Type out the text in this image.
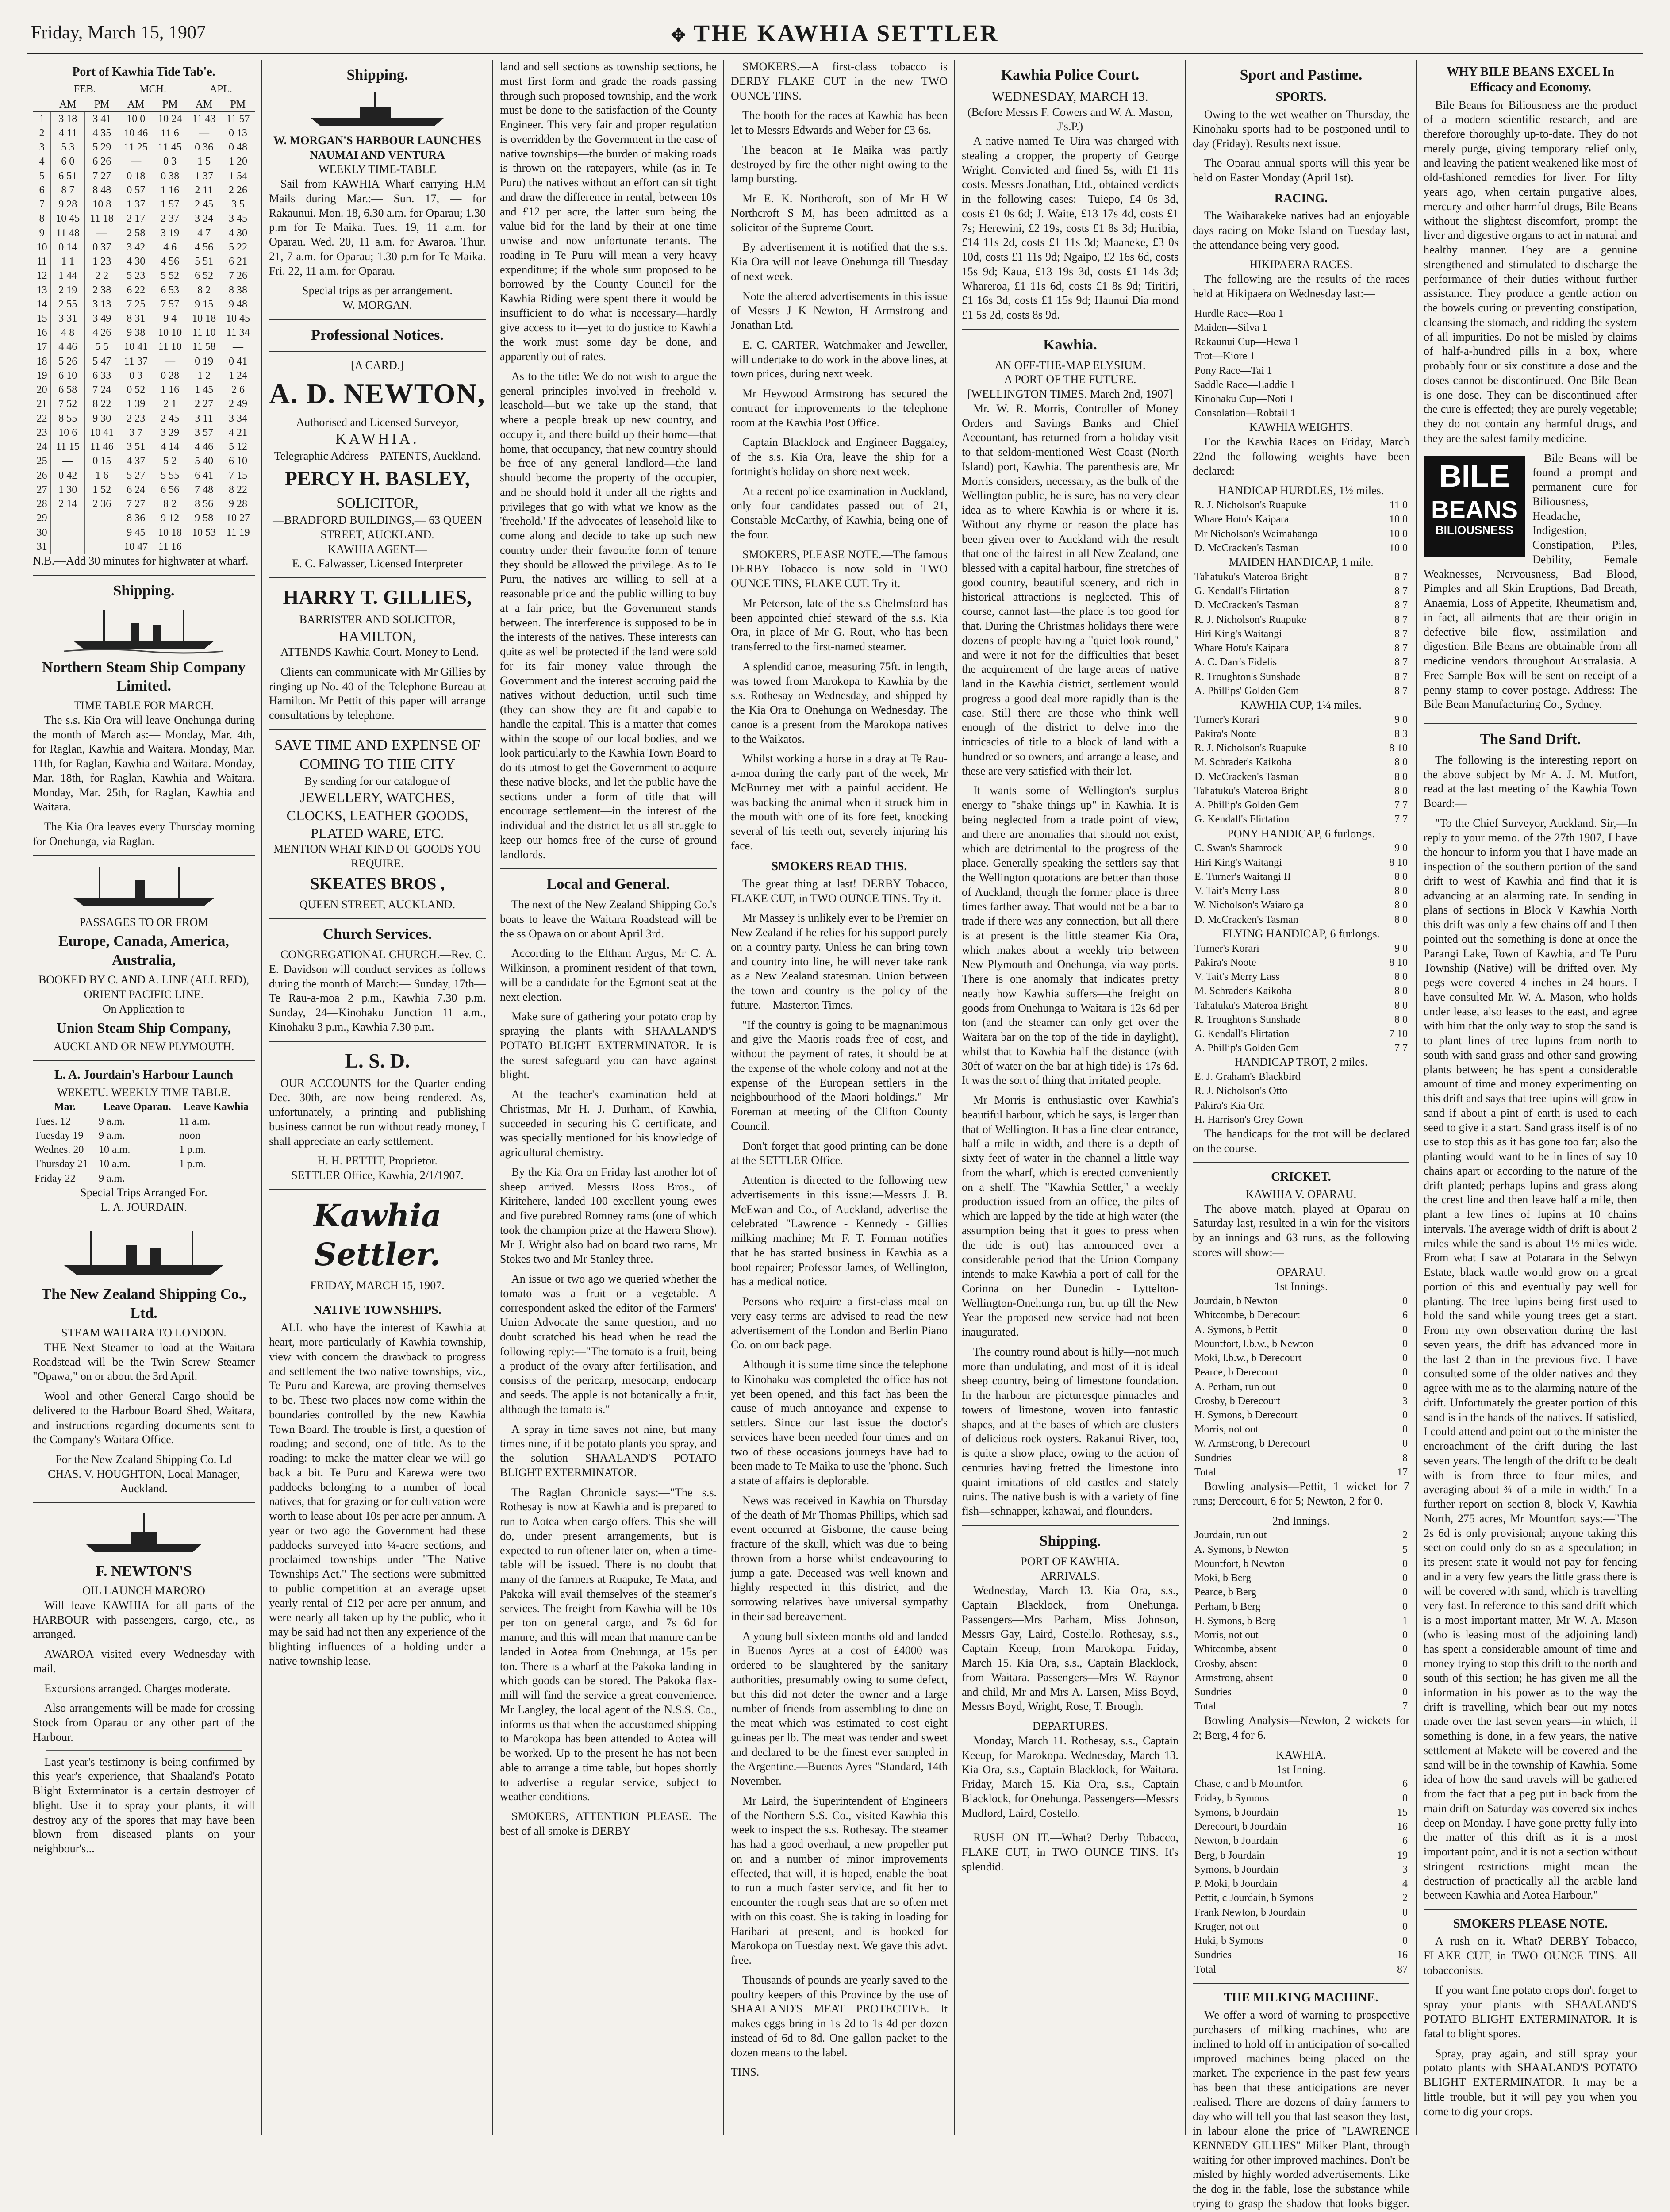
Friday, March 15, 1907	✥ THE KAWHIA SETTLER
Port of Kawhia Tide Tab'e.
	FEB.		MCH.		APL.	
	AM	PM	AM	PM	AM	PM
1	3 18	3 41	10 0	10 24	11 43	11 57
2	4 11	4 35	10 46	11 6	—	0 13
3	5 3	5 29	11 25	11 45	0 36	0 48
4	6 0	6 26	—	0 3	1 5	1 20
5	6 51	7 27	0 18	0 38	1 37	1 54
6	8 7	8 48	0 57	1 16	2 11	2 26
7	9 28	10 8	1 37	1 57	2 45	3 5
8	10 45	11 18	2 17	2 37	3 24	3 45
9	11 48	—	2 58	3 19	4 7	4 30
10	0 14	0 37	3 42	4 6	4 56	5 22
11	1 1	1 23	4 30	4 56	5 51	6 21
12	1 44	2 2	5 23	5 52	6 52	7 26
13	2 19	2 38	6 22	6 53	8 2	8 38
14	2 55	3 13	7 25	7 57	9 15	9 48
15	3 31	3 49	8 31	9 4	10 18	10 45
16	4 8	4 26	9 38	10 10	11 10	11 34
17	4 46	5 5	10 41	11 10	11 58	—
18	5 26	5 47	11 37	—	0 19	0 41
19	6 10	6 33	0 3	0 28	1 2	1 24
20	6 58	7 24	0 52	1 16	1 45	2 6
21	7 52	8 22	1 39	2 1	2 27	2 49
22	8 55	9 30	2 23	2 45	3 11	3 34
23	10 6	10 41	3 7	3 29	3 57	4 21
24	11 15	11 46	3 51	4 14	4 46	5 12
25	—	0 15	4 37	5 2	5 40	6 10
26	0 42	1 6	5 27	5 55	6 41	7 15
27	1 30	1 52	6 24	6 56	7 48	8 22
28	2 14	2 36	7 27	8 2	8 56	9 28
29			8 36	9 12	9 58	10 27
30			9 45	10 18	10 53	11 19
31			10 47	11 16		

N.B.—Add 30 minutes for highwater at wharf.

Shipping.
Northern Steam Ship Company Limited.
TIME TABLE FOR MARCH.

The s.s. Kia Ora will leave Onehunga during the month of March as:— Monday, Mar. 4th, for Raglan, Kawhia and Waitara. Monday, Mar. 11th, for Raglan, Kawhia and Waitara. Monday, Mar. 18th, for Raglan, Kawhia and Waitara. Monday, Mar. 25th, for Raglan, Kawhia and Waitara.

The Kia Ora leaves every Thursday morning for Onehunga, via Raglan.

PASSAGES TO OR FROM
Europe, Canada, America, Australia,
BOOKED BY C. AND A. LINE (ALL RED), ORIENT PACIFIC LINE.
On Application to
Union Steam Ship Company,
AUCKLAND OR NEW PLYMOUTH.
L. A. Jourdain's Harbour Launch
WEKETU. WEEKLY TIME TABLE.
Mar.	Leave Oparau.	Leave Kawhia
Tues. 12	9 a.m.	11 a.m.
Tuesday 19	9 a.m.	noon
Wednes. 20	10 a.m.	1 p.m.
Thursday 21	10 a.m.	1 p.m.
Friday 22	9 a.m.	
Special Trips Arranged For.
L. A. JOURDAIN.
The New Zealand Shipping Co., Ltd.
STEAM WAITARA TO LONDON.

THE Next Steamer to load at the Waitara Roadstead will be the Twin Screw Steamer "Opawa," on or about the 3rd April.

Wool and other General Cargo should be delivered to the Harbour Board Shed, Waitara, and instructions regarding documents sent to the Company's Waitara Office.

For the New Zealand Shipping Co. Ld
CHAS. V. HOUGHTON, Local Manager, Auckland.
F. NEWTON'S
OIL LAUNCH MARORO

Will leave KAWHIA for all parts of the HARBOUR with passengers, cargo, etc., as arranged.

AWAROA visited every Wednesday with mail.

Excursions arranged. Charges moderate.

Also arrangements will be made for crossing Stock from Oparau or any other part of the Harbour.

Last year's testimony is being confirmed by this year's experience, that Shaaland's Potato Blight Exterminator is a certain destroyer of blight. Use it to spray your plants, it will destroy any of the spores that may have been blown from diseased plants on your neighbour's...

Shipping.
W. MORGAN'S HARBOUR LAUNCHES NAUMAI AND VENTURA
WEEKLY TIME-TABLE

Sail from KAWHIA Wharf carrying H.M Mails during Mar.:— Sun. 17, — for Rakaunui. Mon. 18, 6.30 a.m. for Oparau; 1.30 p.m for Te Maika. Tues. 19, 11 a.m. for Oparau. Wed. 20, 11 a.m. for Awaroa. Thur. 21, 7 a.m. for Oparau; 1.30 p.m for Te Maika. Fri. 22, 11 a.m. for Oparau.

Special trips as per arrangement.
W. MORGAN.
Professional Notices.
[A CARD.]
A. D. NEWTON,
Authorised and Licensed Surveyor,
KAWHIA.
Telegraphic Address—PATENTS, Auckland.
PERCY H. BASLEY,
SOLICITOR,
—BRADFORD BUILDINGS,— 63 QUEEN STREET, AUCKLAND.
KAWHIA AGENT—
E. C. Falwasser, Licensed Interpreter
HARRY T. GILLIES,
BARRISTER AND SOLICITOR,
HAMILTON,

ATTENDS Kawhia Court. Money to Lend.

Clients can communicate with Mr Gillies by ringing up No. 40 of the Telephone Bureau at Hamilton. Mr Pettit of this paper will arrange consultations by telephone.

SAVE TIME AND EXPENSE OF COMING TO THE CITY
By sending for our catalogue of
JEWELLERY, WATCHES, CLOCKS, LEATHER GOODS, PLATED WARE, ETC.
MENTION WHAT KIND OF GOODS YOU REQUIRE.
SKEATES BROS ,
QUEEN STREET, AUCKLAND.
Church Services.

CONGREGATIONAL CHURCH.—Rev. C. E. Davidson will conduct services as follows during the month of March:— Sunday, 17th—Te Rau-a-moa 2 p.m., Kawhia 7.30 p.m. Sunday, 24—Kinohaku Junction 11 a.m., Kinohaku 3 p.m., Kawhia 7.30 p.m.

L. S. D.

OUR ACCOUNTS for the Quarter ending Dec. 30th, are now being rendered. As, unfortunately, a printing and publishing business cannot be run without ready money, I shall appreciate an early settlement.

H. H. PETTIT, Proprietor.
SETTLER Office, Kawhia, 2/1/1907.
Kawhia Settler.
FRIDAY, MARCH 15, 1907.
NATIVE TOWNSHIPS.

ALL who have the interest of Kawhia at heart, more particularly of Kawhia township, view with concern the drawback to progress and settlement the two native townships, viz., Te Puru and Karewa, are proving themselves to be. These two places now come within the boundaries controlled by the new Kawhia Town Board. The trouble is first, a question of roading; and second, one of title. As to the roading: to make the matter clear we will go back a bit. Te Puru and Karewa were two paddocks belonging to a number of local natives, that for grazing or for cultivation were worth to lease about 10s per acre per annum. A year or two ago the Government had these paddocks surveyed into ¼-acre sections, and proclaimed townships under "The Native Townships Act." The sections were submitted to public competition at an average upset yearly rental of £12 per acre per annum, and were nearly all taken up by the public, who it may be said had not then any experience of the blighting influences of a holding under a native township lease.

land and sell sections as township sections, he must first form and grade the roads passing through such proposed township, and the work must be done to the satisfaction of the County Engineer. This very fair and proper regulation is overridden by the Government in the case of native townships—the burden of making roads is thrown on the ratepayers, while (as in Te Puru) the natives without an effort can sit tight and draw the difference in rental, between 10s and £12 per acre, the latter sum being the value bid for the land by their at one time unwise and now unfortunate tenants. The roading in Te Puru will mean a very heavy expenditure; if the whole sum proposed to be borrowed by the County Council for the Kawhia Riding were spent there it would be insufficient to do what is necessary—hardly give access to it—yet to do justice to Kawhia the work must some day be done, and apparently out of rates.

As to the title: We do not wish to argue the general principles involved in freehold v. leasehold—but we take up the stand, that where a people break up new country, and occupy it, and there build up their home—that home, that occupancy, that new country should be free of any general landlord—the land should become the property of the occupier, and he should hold it under all the rights and privileges that go with what we know as the 'freehold.' If the advocates of leasehold like to come along and decide to take up such new country under their favourite form of tenure they should be allowed the privilege. As to Te Puru, the natives are willing to sell at a reasonable price and the public willing to buy at a fair price, but the Government stands between. The interference is supposed to be in the interests of the natives. These interests can quite as well be protected if the land were sold for its fair money value through the Government and the interest accruing paid the natives without deduction, until such time (they can show they are fit and capable to handle the capital. This is a matter that comes within the scope of our local bodies, and we look particularly to the Kawhia Town Board to do its utmost to get the Government to acquire these native blocks, and let the public have the sections under a form of title that will encourage settlement—in the interest of the individual and the district let us all struggle to keep our homes free of the curse of ground landlords.

Local and General.

The next of the New Zealand Shipping Co.'s boats to leave the Waitara Roadstead will be the ss Opawa on or about April 3rd.

According to the Eltham Argus, Mr C. A. Wilkinson, a prominent resident of that town, will be a candidate for the Egmont seat at the next election.

Make sure of gathering your potato crop by spraying the plants with SHAALAND'S POTATO BLIGHT EXTERMINATOR. It is the surest safeguard you can have against blight.

At the teacher's examination held at Christmas, Mr H. J. Durham, of Kawhia, succeeded in securing his C certificate, and was specially mentioned for his knowledge of agricultural chemistry.

By the Kia Ora on Friday last another lot of sheep arrived. Messrs Ross Bros., of Kiritehere, landed 100 excellent young ewes and five purebred Romney rams (one of which took the champion prize at the Hawera Show). Mr J. Wright also had on board two rams, Mr Stokes two and Mr Stanley three.

An issue or two ago we queried whether the tomato was a fruit or a vegetable. A correspondent asked the editor of the Farmers' Union Advocate the same question, and no doubt scratched his head when he read the following reply:—"The tomato is a fruit, being a product of the ovary after fertilisation, and consists of the pericarp, mesocarp, endocarp and seeds. The apple is not botanically a fruit, although the tomato is."

A spray in time saves not nine, but many times nine, if it be potato plants you spray, and the solution SHAALAND'S POTATO BLIGHT EXTERMINATOR.

The Raglan Chronicle says:—"The s.s. Rothesay is now at Kawhia and is prepared to run to Aotea when cargo offers. This she will do, under present arrangements, but is expected to run oftener later on, when a time-table will be issued. There is no doubt that many of the farmers at Ruapuke, Te Mata, and Pakoka will avail themselves of the steamer's services. The freight from Kawhia will be 10s per ton on general cargo, and 7s 6d for manure, and this will mean that manure can be landed in Aotea from Onehunga, at 15s per ton. There is a wharf at the Pakoka landing in which goods can be stored. The Pakoka flax-mill will find the service a great convenience. Mr Langley, the local agent of the N.S.S. Co., informs us that when the accustomed shipping to Marokopa has been attended to Aotea will be worked. Up to the present he has not been able to arrange a time table, but hopes shortly to advertise a regular service, subject to weather conditions.

SMOKERS, ATTENTION PLEASE. The best of all smoke is DERBY

SMOKERS.—A first-class tobacco is DERBY FLAKE CUT in the new TWO OUNCE TINS.

The booth for the races at Kawhia has been let to Messrs Edwards and Weber for £3 6s.

The beacon at Te Maika was partly destroyed by fire the other night owing to the lamp bursting.

Mr E. K. Northcroft, son of Mr H W Northcroft S M, has been admitted as a solicitor of the Supreme Court.

By advertisement it is notified that the s.s. Kia Ora will not leave Onehunga till Tuesday of next week.

Note the altered advertisements in this issue of Messrs J K Newton, H Armstrong and Jonathan Ltd.

E. C. CARTER, Watchmaker and Jeweller, will undertake to do work in the above lines, at town prices, during next week.

Mr Heywood Armstrong has secured the contract for improvements to the telephone room at the Kawhia Post Office.

Captain Blacklock and Engineer Baggaley, of the s.s. Kia Ora, leave the ship for a fortnight's holiday on shore next week.

At a recent police examination in Auckland, only four candidates passed out of 21, Constable McCarthy, of Kawhia, being one of the four.

SMOKERS, PLEASE NOTE.—The famous DERBY Tobacco is now sold in TWO OUNCE TINS, FLAKE CUT. Try it.

Mr Peterson, late of the s.s Chelmsford has been appointed chief steward of the s.s. Kia Ora, in place of Mr G. Rout, who has been transferred to the first-named steamer.

A splendid canoe, measuring 75ft. in length, was towed from Marokopa to Kawhia by the s.s. Rothesay on Wednesday, and shipped by the Kia Ora to Onehunga on Wednesday. The canoe is a present from the Marokopa natives to the Waikatos.

Whilst working a horse in a dray at Te Rau-a-moa during the early part of the week, Mr McBurney met with a painful accident. He was backing the animal when it struck him in the mouth with one of its fore feet, knocking several of his teeth out, severely injuring his face.

SMOKERS READ THIS.

The great thing at last! DERBY Tobacco, FLAKE CUT, in TWO OUNCE TINS. Try it.

Mr Massey is unlikely ever to be Premier on New Zealand if he relies for his support purely on a country party. Unless he can bring town and country into line, he will never take rank as a New Zealand statesman. Union between the town and country is the policy of the future.—Masterton Times.

"If the country is going to be magnanimous and give the Maoris roads free of cost, and without the payment of rates, it should be at the expense of the whole colony and not at the expense of the European settlers in the neighbourhood of the Maori holdings."—Mr Foreman at meeting of the Clifton County Council.

Don't forget that good printing can be done at the SETTLER Office.

Attention is directed to the following new advertisements in this issue:—Messrs J. B. McEwan and Co., of Auckland, advertise the celebrated "Lawrence - Kennedy - Gillies milking machine; Mr F. T. Forman notifies that he has started business in Kawhia as a boot repairer; Professor James, of Wellington, has a medical notice.

Persons who require a first-class meal on very easy terms are advised to read the new advertisement of the London and Berlin Piano Co. on our back page.

Although it is some time since the telephone to Kinohaku was completed the office has not yet been opened, and this fact has been the cause of much annoyance and expense to settlers. Since our last issue the doctor's services have been needed four times and on two of these occasions journeys have had to been made to Te Maika to use the 'phone. Such a state of affairs is deplorable.

News was received in Kawhia on Thursday of the death of Mr Thomas Phillips, which sad event occurred at Gisborne, the cause being fracture of the skull, which was due to being thrown from a horse whilst endeavouring to jump a gate. Deceased was well known and highly respected in this district, and the sorrowing relatives have universal sympathy in their sad bereavement.

A young bull sixteen months old and landed in Buenos Ayres at a cost of £4000 was ordered to be slaughtered by the sanitary authorities, presumably owing to some defect, but this did not deter the owner and a large number of friends from assembling to dine on the meat which was estimated to cost eight guineas per lb. The meat was tender and sweet and declared to be the finest ever sampled in the Argentine.—Buenos Ayres "Standard, 14th November.

Mr Laird, the Superintendent of Engineers of the Northern S.S. Co., visited Kawhia this week to inspect the s.s. Rothesay. The steamer has had a good overhaul, a new propeller put on and a number of minor improvements effected, that will, it is hoped, enable the boat to run a much faster service, and fit her to encounter the rough seas that are so often met with on this coast. She is taking in loading for Haribari at present, and is booked for Marokopa on Tuesday next. We gave this advt. free.

Thousands of pounds are yearly saved to the poultry keepers of this Province by the use of SHAALAND'S MEAT PROTECTIVE. It makes eggs bring in 1s 2d to 1s 4d per dozen instead of 6d to 8d. One gallon packet to the dozen means to the label.

TINS.

Kawhia Police Court.
WEDNESDAY, MARCH 13.
(Before Messrs F. Cowers and W. A. Mason, J's.P.)

A native named Te Uira was charged with stealing a cropper, the property of George Wright. Convicted and fined 5s, with £1 11s costs. Messrs Jonathan, Ltd., obtained verdicts in the following cases:—Tuiepo, £4 0s 3d, costs £1 0s 6d; J. Waite, £13 17s 4d, costs £1 7s; Herewini, £2 19s, costs £1 8s 3d; Huribia, £14 11s 2d, costs £1 11s 3d; Maaneke, £3 0s 10d, costs £1 11s 9d; Ngaipo, £2 16s 6d, costs 15s 9d; Kaua, £13 19s 3d, costs £1 14s 3d; Whareroa, £1 11s 6d, costs £1 8s 9d; Tiritiri, £1 16s 3d, costs £1 15s 9d; Haunui Dia mond £1 5s 2d, costs 8s 9d.

Kawhia.
AN OFF-THE-MAP ELYSIUM.
A PORT OF THE FUTURE.
[WELLINGTON TIMES, March 2nd, 1907]

Mr. W. R. Morris, Controller of Money Orders and Savings Banks and Chief Accountant, has returned from a holiday visit to that seldom-mentioned West Coast (North Island) port, Kawhia. The parenthesis are, Mr Morris considers, necessary, as the bulk of the Wellington public, he is sure, has no very clear idea as to where Kawhia is or where it is. Without any rhyme or reason the place has been given over to Auckland with the result that one of the fairest in all New Zealand, one blessed with a capital harbour, fine stretches of good country, beautiful scenery, and rich in historical attractions is neglected. This of course, cannot last—the place is too good for that. During the Christmas holidays there were dozens of people having a "quiet look round," and were it not for the difficulties that beset the acquirement of the large areas of native land in the Kawhia district, settlement would progress a good deal more rapidly than is the case. Still there are those who think well enough of the district to delve into the intricacies of title to a block of land with a hundred or so owners, and arrange a lease, and these are very satisfied with their lot.

It wants some of Wellington's surplus energy to "shake things up" in Kawhia. It is being neglected from a trade point of view, and there are anomalies that should not exist, which are detrimental to the progress of the place. Generally speaking the settlers say that the Wellington quotations are better than those of Auckland, though the former place is three times farther away. That would not be a bar to trade if there was any connection, but all there is at present is the little steamer Kia Ora, which makes about a weekly trip between New Plymouth and Onehunga, via way ports. There is one anomaly that indicates pretty neatly how Kawhia suffers—the freight on goods from Onehunga to Waitara is 12s 6d per ton (and the steamer can only get over the Waitara bar on the top of the tide in daylight), whilst that to Kawhia half the distance (with 30ft of water on the bar at high tide) is 17s 6d. It was the sort of thing that irritated people.

Mr Morris is enthusiastic over Kawhia's beautiful harbour, which he says, is larger than that of Wellington. It has a fine clear entrance, half a mile in width, and there is a depth of sixty feet of water in the channel a little way from the wharf, which is erected conveniently on a shelf. The "Kawhia Settler," a weekly production issued from an office, the piles of which are lapped by the tide at high water (the assumption being that it goes to press when the tide is out) has announced over a considerable period that the Union Company intends to make Kawhia a port of call for the Corinna on her Dunedin - Lyttelton-Wellington-Onehunga run, but up till the New Year the proposed new service had not been inaugurated.

The country round about is hilly—not much more than undulating, and most of it is ideal sheep country, being of limestone foundation. In the harbour are picturesque pinnacles and towers of limestone, woven into fantastic shapes, and at the bases of which are clusters of delicious rock oysters. Rakanui River, too, is quite a show place, owing to the action of centuries having fretted the limestone into quaint imitations of old castles and stately ruins. The native bush is with a variety of fine fish—schnapper, kahawai, and flounders.

Shipping.
PORT OF KAWHIA.
ARRIVALS.

Wednesday, March 13. Kia Ora, s.s., Captain Blacklock, from Onehunga. Passengers—Mrs Parham, Miss Johnson, Messrs Gay, Laird, Costello. Rothesay, s.s., Captain Keeup, from Marokopa. Friday, March 15. Kia Ora, s.s., Captain Blacklock, from Waitara. Passengers—Mrs W. Raynor and child, Mr and Mrs A. Larsen, Miss Boyd, Messrs Boyd, Wright, Rose, T. Brough.

DEPARTURES.

Monday, March 11. Rothesay, s.s., Captain Keeup, for Marokopa. Wednesday, March 13. Kia Ora, s.s., Captain Blacklock, for Waitara. Friday, March 15. Kia Ora, s.s., Captain Blacklock, for Onehunga. Passengers—Messrs Mudford, Laird, Costello.

RUSH ON IT.—What? Derby Tobacco, FLAKE CUT, in TWO OUNCE TINS. It's splendid.

Sport and Pastime.
SPORTS.

Owing to the wet weather on Thursday, the Kinohaku sports had to be postponed until to day (Friday). Results next issue.

The Oparau annual sports will this year be held on Easter Monday (April 1st).

RACING.

The Waiharakeke natives had an enjoyable days racing on Moke Island on Tuesday last, the attendance being very good.

HIKIPAERA RACES.

The following are the results of the races held at Hikipaera on Wednesday last:—

Hurdle Race—Roa 1	
Maiden—Silva 1	
Rakaunui Cup—Hewa 1	
Trot—Kiore 1	
Pony Race—Tai 1	
Saddle Race—Laddie 1	
Kinohaku Cup—Noti 1	
Consolation—Robtail 1	
KAWHIA WEIGHTS.

For the Kawhia Races on Friday, March 22nd the following weights have been declared:—

HANDICAP HURDLES, 1½ miles.
R. J. Nicholson's Ruapuke	11 0
Whare Hotu's Kaipara	10 0
Mr Nicholson's Waimahanga	10 0
D. McCracken's Tasman	10 0
MAIDEN HANDICAP, 1 mile.
Tahatuku's Materoa Bright	8 7
G. Kendall's Flirtation	8 7
D. McCracken's Tasman	8 7
R. J. Nicholson's Ruapuke	8 7
Hiri King's Waitangi	8 7
Whare Hotu's Kaipara	8 7
A. C. Darr's Fidelis	8 7
R. Troughton's Sunshade	8 7
A. Phillips' Golden Gem	8 7
KAWHIA CUP, 1¼ miles.
Turner's Korari	9 0
Pakira's Noote	8 3
R. J. Nicholson's Ruapuke	8 10
M. Schrader's Kaikoha	8 0
D. McCracken's Tasman	8 0
Tahatuku's Materoa Bright	8 0
A. Phillip's Golden Gem	7 7
G. Kendall's Flirtation	7 7
PONY HANDICAP, 6 furlongs.
C. Swan's Shamrock	9 0
Hiri King's Waitangi	8 10
E. Turner's Waitangi II	8 0
V. Tait's Merry Lass	8 0
W. Nicholson's Waiaro ga	8 0
D. McCracken's Tasman	8 0
FLYING HANDICAP, 6 furlongs.
Turner's Korari	9 0
Pakira's Noote	8 10
V. Tait's Merry Lass	8 0
M. Schrader's Kaikoha	8 0
Tahatuku's Materoa Bright	8 0
R. Troughton's Sunshade	8 0
G. Kendall's Flirtation	7 10
A. Phillip's Golden Gem	7 7
HANDICAP TROT, 2 miles.
E. J. Graham's Blackbird	
R. J. Nicholson's Otto	
Pakira's Kia Ora	
H. Harrison's Grey Gown	

The handicaps for the trot will be declared on the course.

CRICKET.
KAWHIA V. OPARAU.

The above match, played at Oparau on Saturday last, resulted in a win for the visitors by an innings and 63 runs, as the following scores will show:—

OPARAU.
1st Innings.
Jourdain, b Newton	0
Whitcombe, b Derecourt	6
A. Symons, b Pettit	0
Mountfort, l.b.w., b Newton	0
Moki, l.b.w., b Derecourt	0
Pearce, b Derecourt	0
A. Perham, run out	0
Crosby, b Derecourt	3
H. Symons, b Derecourt	0
Morris, not out	0
W. Armstrong, b Derecourt	0
Sundries	8
Total	17

Bowling analysis—Pettit, 1 wicket for 7 runs; Derecourt, 6 for 5; Newton, 2 for 0.

2nd Innings.
Jourdain, run out	2
A. Symons, b Newton	5
Mountfort, b Newton	0
Moki, b Berg	0
Pearce, b Berg	0
Perham, b Berg	0
H. Symons, b Berg	1
Morris, not out	0
Whitcombe, absent	0
Crosby, absent	0
Armstrong, absent	0
Sundries	0
Total	7

Bowling Analysis—Newton, 2 wickets for 2; Berg, 4 for 6.

KAWHIA.
1st Inning.
Chase, c and b Mountfort	6
Friday, b Symons	0
Symons, b Jourdain	15
Derecourt, b Jourdain	16
Newton, b Jourdain	6
Berg, b Jourdain	19
Symons, b Jourdain	3
P. Moki, b Jourdain	4
Pettit, c Jourdain, b Symons	2
Frank Newton, b Jourdain	0
Kruger, not out	0
Huki, b Symons	0
Sundries	16
Total	87
THE MILKING MACHINE.

We offer a word of warning to prospective purchasers of milking machines, who are inclined to hold off in anticipation of so-called improved machines being placed on the market. The experience in the past few years has been that these anticipations are never realised. There are dozens of dairy farmers to day who will tell you that last season they lost, in labour alone the price of "LAWRENCE KENNEDY GILLIES" Milker Plant, through waiting for other improved machines. Don't be misled by highly worded advertisements. Like the dog in the fable, lose the substance while trying to grasp the shadow that looks bigger.

WHY BILE BEANS EXCEL In Efficacy and Economy.

Bile Beans for Biliousness are the product of a modern scientific research, and are therefore thoroughly up-to-date. They do not merely purge, giving temporary relief only, and leaving the patient weakened like most of old-fashioned remedies for liver. For fifty years ago, when certain purgative aloes, mercury and other harmful drugs, Bile Beans without the slightest discomfort, prompt the liver and digestive organs to act in natural and healthy manner. They are a genuine strengthened and stimulated to discharge the performance of their duties without further assistance. They produce a gentle action on the bowels curing or preventing constipation, cleansing the stomach, and ridding the system of all impurities. Do not be misled by claims of half-a-hundred pills in a box, where probably four or six constitute a dose and the doses cannot be discontinued. One Bile Bean is one dose. They can be discontinued after the cure is effected; they are purely vegetable; they do not contain any harmful drugs, and they are the safest family medicine.

BILE
BEANS
BILIOUSNESS

Bile Beans will be found a prompt and permanent cure for Biliousness, Headache, Indigestion, Constipation, Piles, Debility, Female Weaknesses, Nervousness, Bad Blood, Pimples and all Skin Eruptions, Bad Breath, Anaemia, Loss of Appetite, Rheumatism and, in fact, all ailments that are their origin in defective bile flow, assimilation and digestion. Bile Beans are obtainable from all medicine vendors throughout Australasia. A Free Sample Box will be sent on receipt of a penny stamp to cover postage. Address: The Bile Bean Manufacturing Co., Sydney.

The Sand Drift.

The following is the interesting report on the above subject by Mr A. J. M. Mutfort, read at the last meeting of the Kawhia Town Board:—

"To the Chief Surveyor, Auckland. Sir,—In reply to your memo. of the 27th 1907, I have the honour to inform you that I have made an inspection of the southern portion of the sand drift to west of Kawhia and find that it is advancing at an alarming rate. In sending in plans of sections in Block V Kawhia North this drift was only a few chains off and I then pointed out the something is done at once the Parangi Lake, Town of Kawhia, and Te Puru Township (Native) will be drifted over. My pegs were covered 4 inches in 24 hours. I have consulted Mr. W. A. Mason, who holds under lease, also leases to the east, and agree with him that the only way to stop the sand is to plant lines of tree lupins from north to south with sand grass and other sand growing plants between; he has spent a considerable amount of time and money experimenting on this drift and says that tree lupins will grow in sand if about a pint of earth is used to each seed to give it a start. Sand grass itself is of no use to stop this as it has gone too far; also the planting would want to be in lines of say 10 chains apart or according to the nature of the drift planted; perhaps lupins and grass along the crest line and then leave half a mile, then plant a few lines of lupins at 10 chains intervals. The average width of drift is about 2 miles while the sand is about 1½ miles wide. From what I saw at Potarara in the Selwyn Estate, black wattle would grow on a great portion of this and eventually pay well for planting. The tree lupins being first used to hold the sand while young trees get a start. From my own observation during the last seven years, the drift has advanced more in the last 2 than in the previous five. I have consulted some of the older natives and they agree with me as to the alarming nature of the drift. Unfortunately the greater portion of this sand is in the hands of the natives. If satisfied, I could attend and point out to the minister the encroachment of the drift during the last seven years. The length of the drift to be dealt with is from three to four miles, and averaging about ¾ of a mile in width." In a further report on section 8, block V, Kawhia North, 275 acres, Mr Mountfort says:—"The 2s 6d is only provisional; anyone taking this section could only do so as a speculation; in its present state it would not pay for fencing and in a very few years the little grass there is will be covered with sand, which is travelling very fast. In reference to this sand drift which is a most important matter, Mr W. A. Mason (who is leasing most of the adjoining land) has spent a considerable amount of time and money trying to stop this drift to the north and south of this section; he has given me all the information in his power as to the way the drift is travelling, which bear out my notes made over the last seven years—in which, if something is done, in a few years, the native settlement at Makete will be covered and the sand will be in the township of Kawhia. Some idea of how the sand travels will be gathered from the fact that a peg put in back from the main drift on Saturday was covered six inches deep on Monday. I have gone pretty fully into the matter of this drift as it is a most important point, and it is not a section without stringent restrictions might mean the destruction of practically all the arable land between Kawhia and Aotea Harbour."

SMOKERS PLEASE NOTE.

A rush on it. What? DERBY Tobacco, FLAKE CUT, in TWO OUNCE TINS. All tobacconists.

If you want fine potato crops don't forget to spray your plants with SHAALAND'S POTATO BLIGHT EXTERMINATOR. It is fatal to blight spores.

Spray, pray again, and still spray your potato plants with SHAALAND'S POTATO BLIGHT EXTERMINATOR. It may be a little trouble, but it will pay you when you come to dig your crops.
